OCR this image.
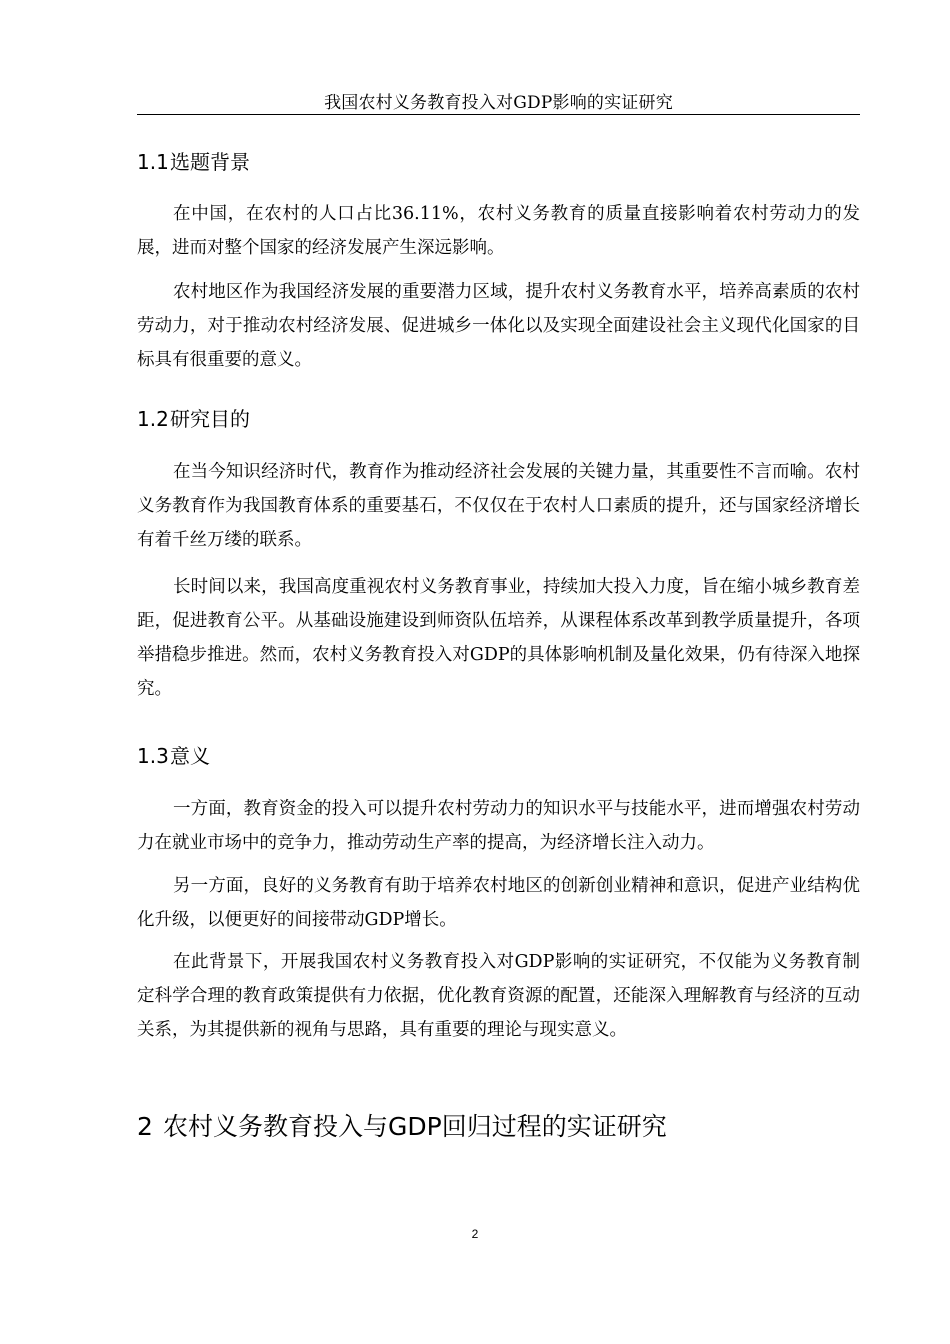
我国农村义务教育投入对GDP影响的实证研究
1.1选题背景

在中国，在农村的人口占比36.11%，农村义务教育的质量直接影响着农村劳动力的发展，进而对整个国家的经济发展产生深远影响。

农村地区作为我国经济发展的重要潜力区域，提升农村义务教育水平，培养高素质的农村劳动力，对于推动农村经济发展、促进城乡一体化以及实现全面建设社会主义现代化国家的目标具有很重要的意义。

1.2研究目的

在当今知识经济时代，教育作为推动经济社会发展的关键力量，其重要性不言而喻。农村义务教育作为我国教育体系的重要基石，不仅仅在于农村人口素质的提升，还与国家经济增长有着千丝万缕的联系。

长时间以来，我国高度重视农村义务教育事业，持续加大投入力度，旨在缩小城乡教育差距，促进教育公平。从基础设施建设到师资队伍培养，从课程体系改革到教学质量提升，各项举措稳步推进。然而，农村义务教育投入对GDP的具体影响机制及量化效果，仍有待深入地探究。

1.3意义

一方面，教育资金的投入可以提升农村劳动力的知识水平与技能水平，进而增强农村劳动力在就业市场中的竞争力，推动劳动生产率的提高，为经济增长注入动力。

另一方面，良好的义务教育有助于培养农村地区的创新创业精神和意识，促进产业结构优化升级，以便更好的间接带动GDP增长。

在此背景下，开展我国农村义务教育投入对GDP影响的实证研究，不仅能为义务教育制定科学合理的教育政策提供有力依据，优化教育资源的配置，还能深入理解教育与经济的互动关系，为其提供新的视角与思路，具有重要的理论与现实意义。

2 农村义务教育投入与GDP回归过程的实证研究
2
